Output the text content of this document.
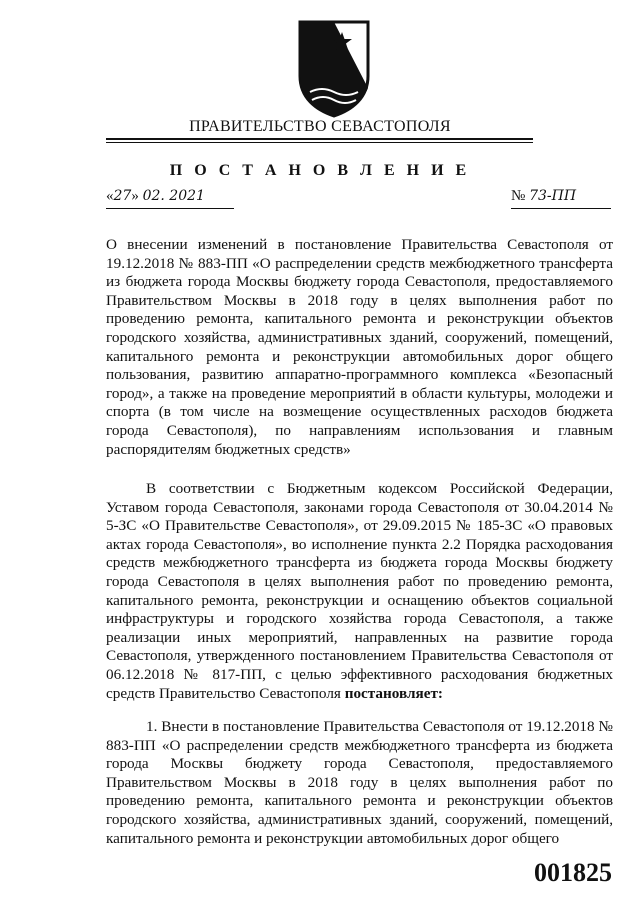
ПРАВИТЕЛЬСТВО СЕВАСТОПОЛЯ
П О С Т А Н О В Л Е Н И Е
«27» 02. 2021	№ 73-ПП
О внесении изменений в постановление Правительства Севастополя от 19.12.2018 № 883-ПП «О распределении средств межбюджетного трансферта из бюджета города Москвы бюджету города Севастополя, предоставляемого Правительством Москвы в 2018 году в целях выполнения работ по проведению ремонта, капитального ремонта и реконструкции объектов городского хозяйства, административных зданий, сооружений, помещений, капитального ремонта и реконструкции автомобильных дорог общего пользования, развитию аппаратно-программного комплекса «Безопасный город», а также на проведение мероприятий в области культуры, молодежи и спорта (в том числе на возмещение осуществленных расходов бюджета города Севастополя), по направлениям использования и главным распорядителям бюджетных средств»
В соответствии с Бюджетным кодексом Российской Федерации, Уставом города Севастополя, законами города Севастополя от 30.04.2014 № 5-ЗС «О Правительстве Севастополя», от 29.09.2015 № 185-ЗС «О правовых актах города Севастополя», во исполнение пункта 2.2 Порядка расходования средств межбюджетного трансферта из бюджета города Москвы бюджету города Севастополя в целях выполнения работ по проведению ремонта, капитального ремонта, реконструкции и оснащению объектов социальной инфраструктуры и городского хозяйства города Севастополя, а также реализации иных мероприятий, направленных на развитие города Севастополя, утвержденного постановлением Правительства Севастополя от 06.12.2018 № 817-ПП, с целью эффективного расходования бюджетных средств Правительство Севастополя постановляет:
1. Внести в постановление Правительства Севастополя от 19.12.2018 № 883-ПП «О распределении средств межбюджетного трансферта из бюджета города Москвы бюджету города Севастополя, предоставляемого Правительством Москвы в 2018 году в целях выполнения работ по проведению ремонта, капитального ремонта и реконструкции объектов городского хозяйства, административных зданий, сооружений, помещений, капитального ремонта и реконструкции автомобильных дорог общего
001825
